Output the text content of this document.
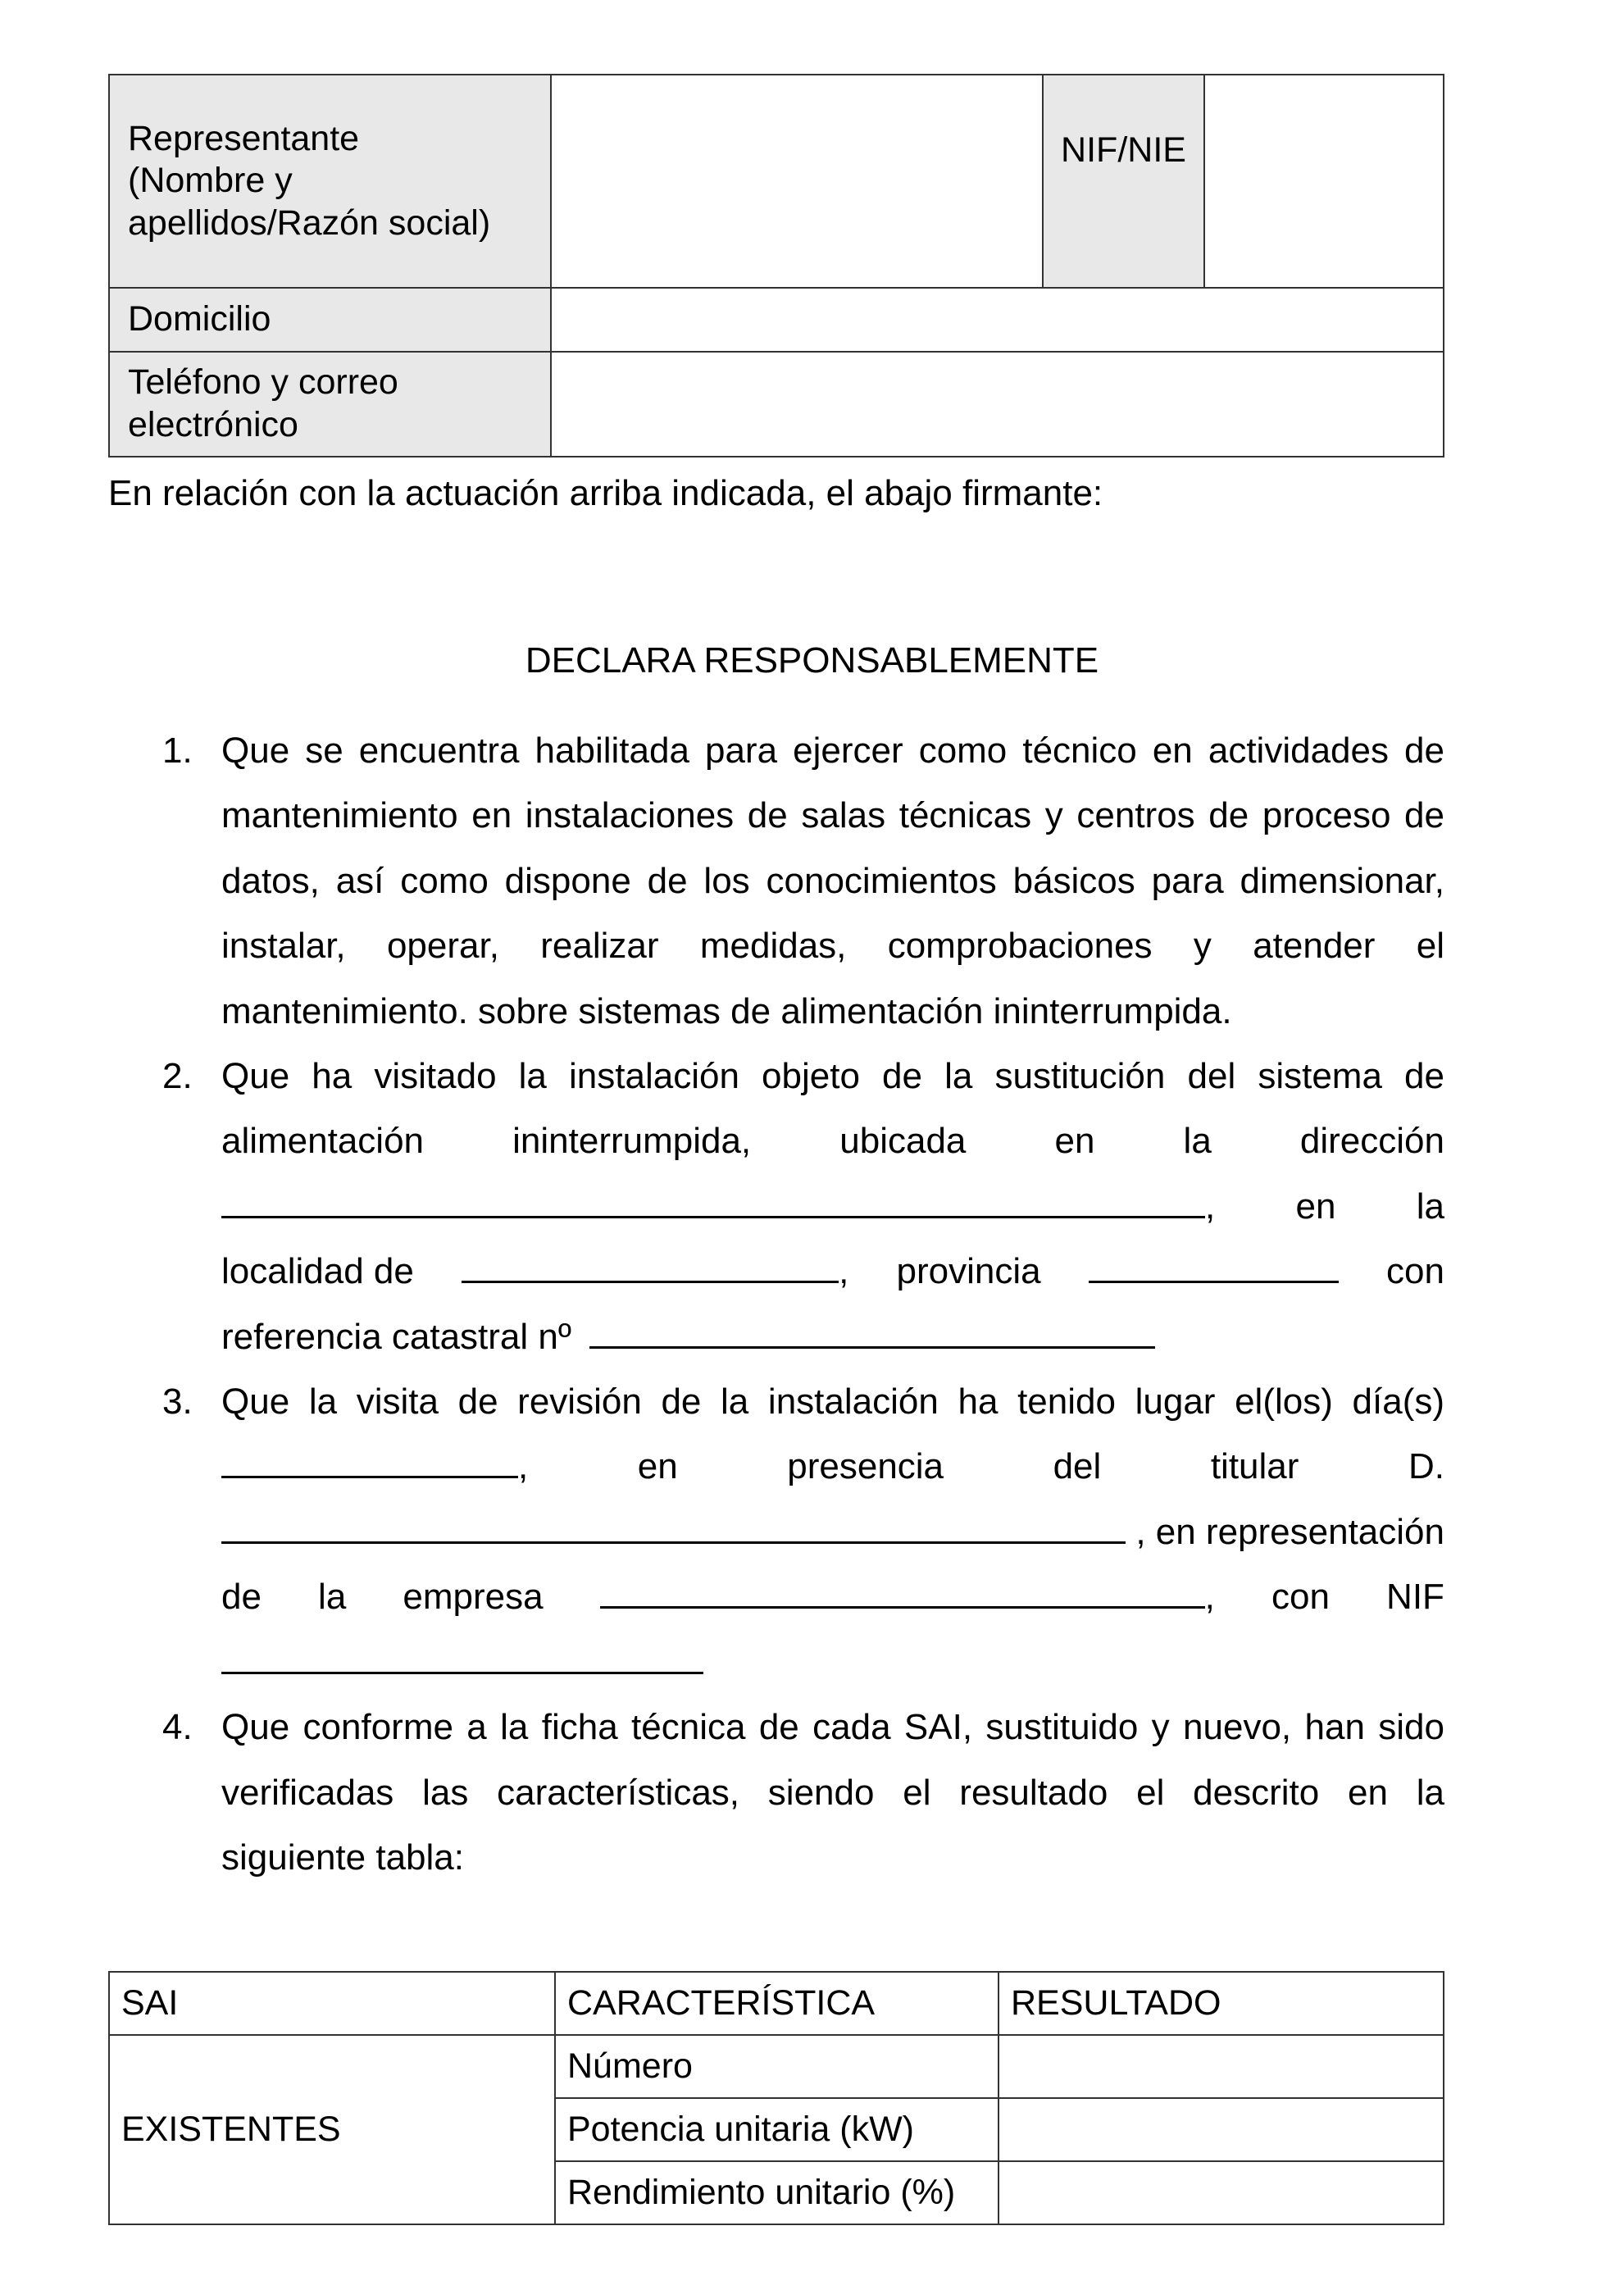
Representante
(Nombre y
apellidos/Razón social)		NIF/NIE	
Domicilio			

Teléfono y correo
electrónico			

En relación con la actuación arriba indicada, el abajo firmante:
DECLARA RESPONSABLEMENTE
1. Que se encuentra habilitada para ejercer como técnico en actividades de
mantenimiento en instalaciones de salas técnicas y centros de proceso de
datos, así como dispone de los conocimientos básicos para dimensionar,
instalar, operar, realizar medidas, comprobaciones y atender el
mantenimiento. sobre sistemas de alimentación ininterrumpida.
2. Que ha visitado la instalación objeto de la sustitución del sistema de
alimentación ininterrumpida, ubicada en la dirección
, en la
localidad de	, provincia	con
referencia catastral nº
3. Que la visita de revisión de la instalación ha tenido lugar el(los) día(s)
,	en	presencia	del	titular	D.
, en representación
de la empresa	, con NIF
4. Que conforme a la ficha técnica de cada SAI, sustituido y nuevo, han sido
verificadas las características, siendo el resultado el descrito en la
siguiente tabla:
SAI	CARACTERÍSTICA	RESULTADO
EXISTENTES	Número	
	Potencia unitaria (kW)	
	Rendimiento unitario (%)	
